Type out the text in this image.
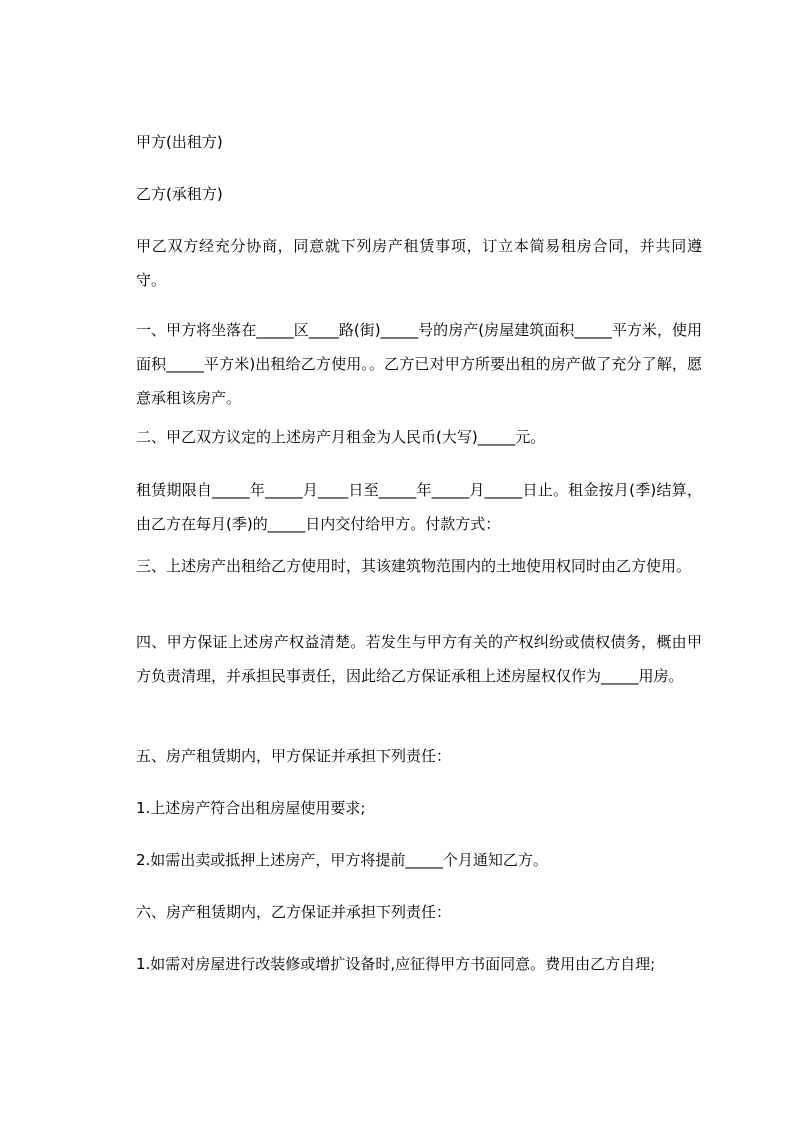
甲方(出租方)

乙方(承租方)

甲乙双方经充分协商，同意就下列房产租赁事项，订立本简易租房合同，并共同遵守。

一、甲方将坐落在_____区____路(街)_____号的房产(房屋建筑面积_____平方米，使用面积_____平方米)出租给乙方使用。。乙方已对甲方所要出租的房产做了充分了解，愿意承租该房产。

二、甲乙双方议定的上述房产月租金为人民币(大写)_____元。

租赁期限自_____年_____月____日至_____年_____月_____日止。租金按月(季)结算，由乙方在每月(季)的_____日内交付给甲方。付款方式：

三、上述房产出租给乙方使用时，其该建筑物范围内的土地使用权同时由乙方使用。

四、甲方保证上述房产权益清楚。若发生与甲方有关的产权纠纷或债权债务，概由甲方负责清理，并承担民事责任，因此给乙方保证承租上述房屋权仅作为_____用房。

五、房产租赁期内，甲方保证并承担下列责任：

1.上述房产符合出租房屋使用要求;

2.如需出卖或抵押上述房产，甲方将提前_____个月通知乙方。

六、房产租赁期内，乙方保证并承担下列责任：

1.如需对房屋进行改装修或增扩设备时,应征得甲方书面同意。费用由乙方自理;
